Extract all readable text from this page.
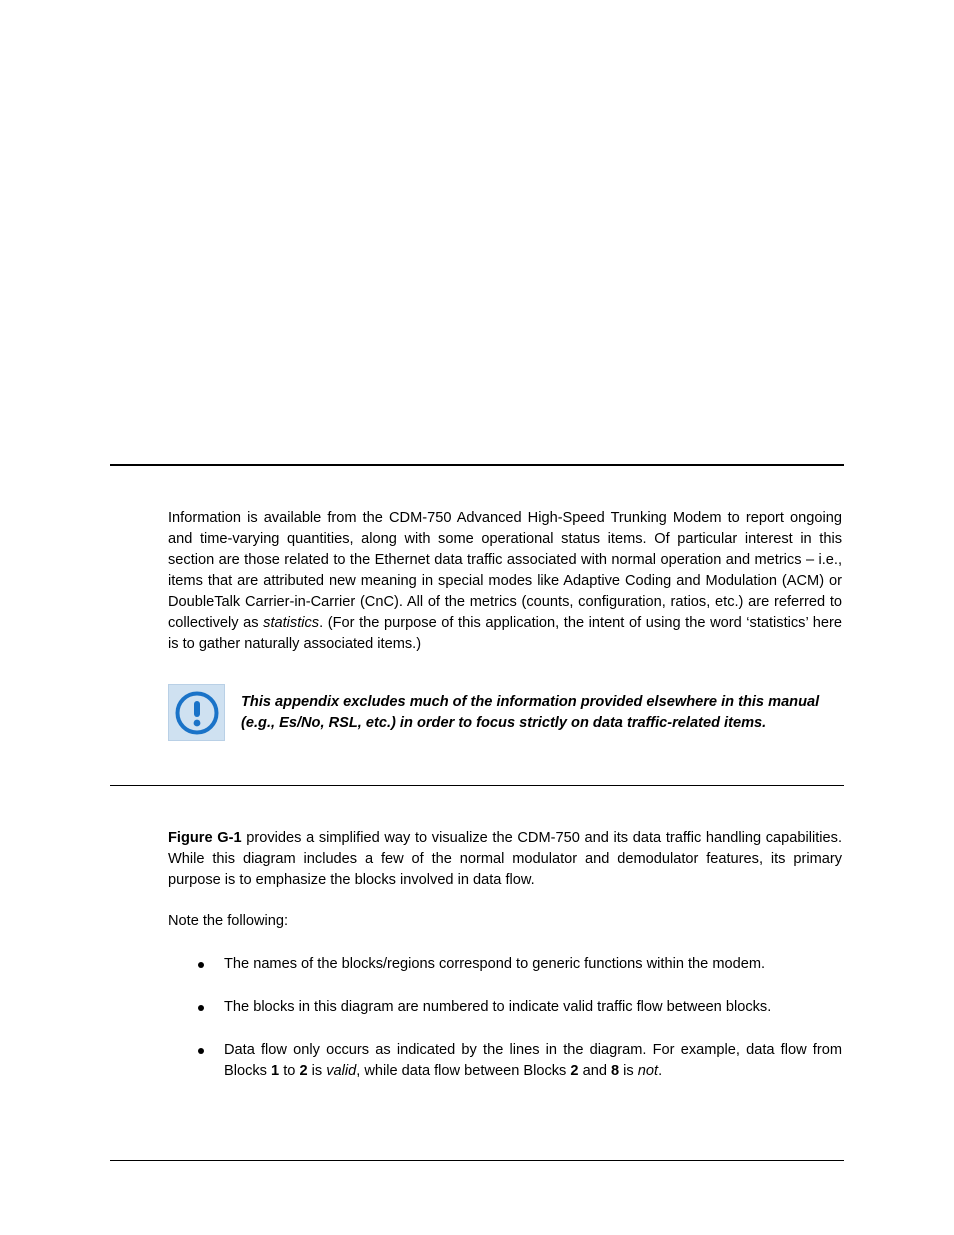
Information is available from the CDM-750 Advanced High-Speed Trunking Modem to report ongoing and time-varying quantities, along with some operational status items. Of particular interest in this section are those related to the Ethernet data traffic associated with normal operation and metrics – i.e., items that are attributed new meaning in special modes like Adaptive Coding and Modulation (ACM) or DoubleTalk Carrier-in-Carrier (CnC). All of the metrics (counts, configuration, ratios, etc.) are referred to collectively as statistics. (For the purpose of this application, the intent of using the word ‘statistics’ here is to gather naturally associated items.)

This appendix excludes much of the information provided elsewhere in this manual (e.g., Es/No, RSL, etc.) in order to focus strictly on data traffic-related items.

Figure G-1 provides a simplified way to visualize the CDM-750 and its data traffic handling capabilities. While this diagram includes a few of the normal modulator and demodulator features, its primary purpose is to emphasize the blocks involved in data flow.

Note the following:

The names of the blocks/regions correspond to generic functions within the modem.
The blocks in this diagram are numbered to indicate valid traffic flow between blocks.
Data flow only occurs as indicated by the lines in the diagram. For example, data flow from Blocks 1 to 2 is valid, while data flow between Blocks 2 and 8 is not.
